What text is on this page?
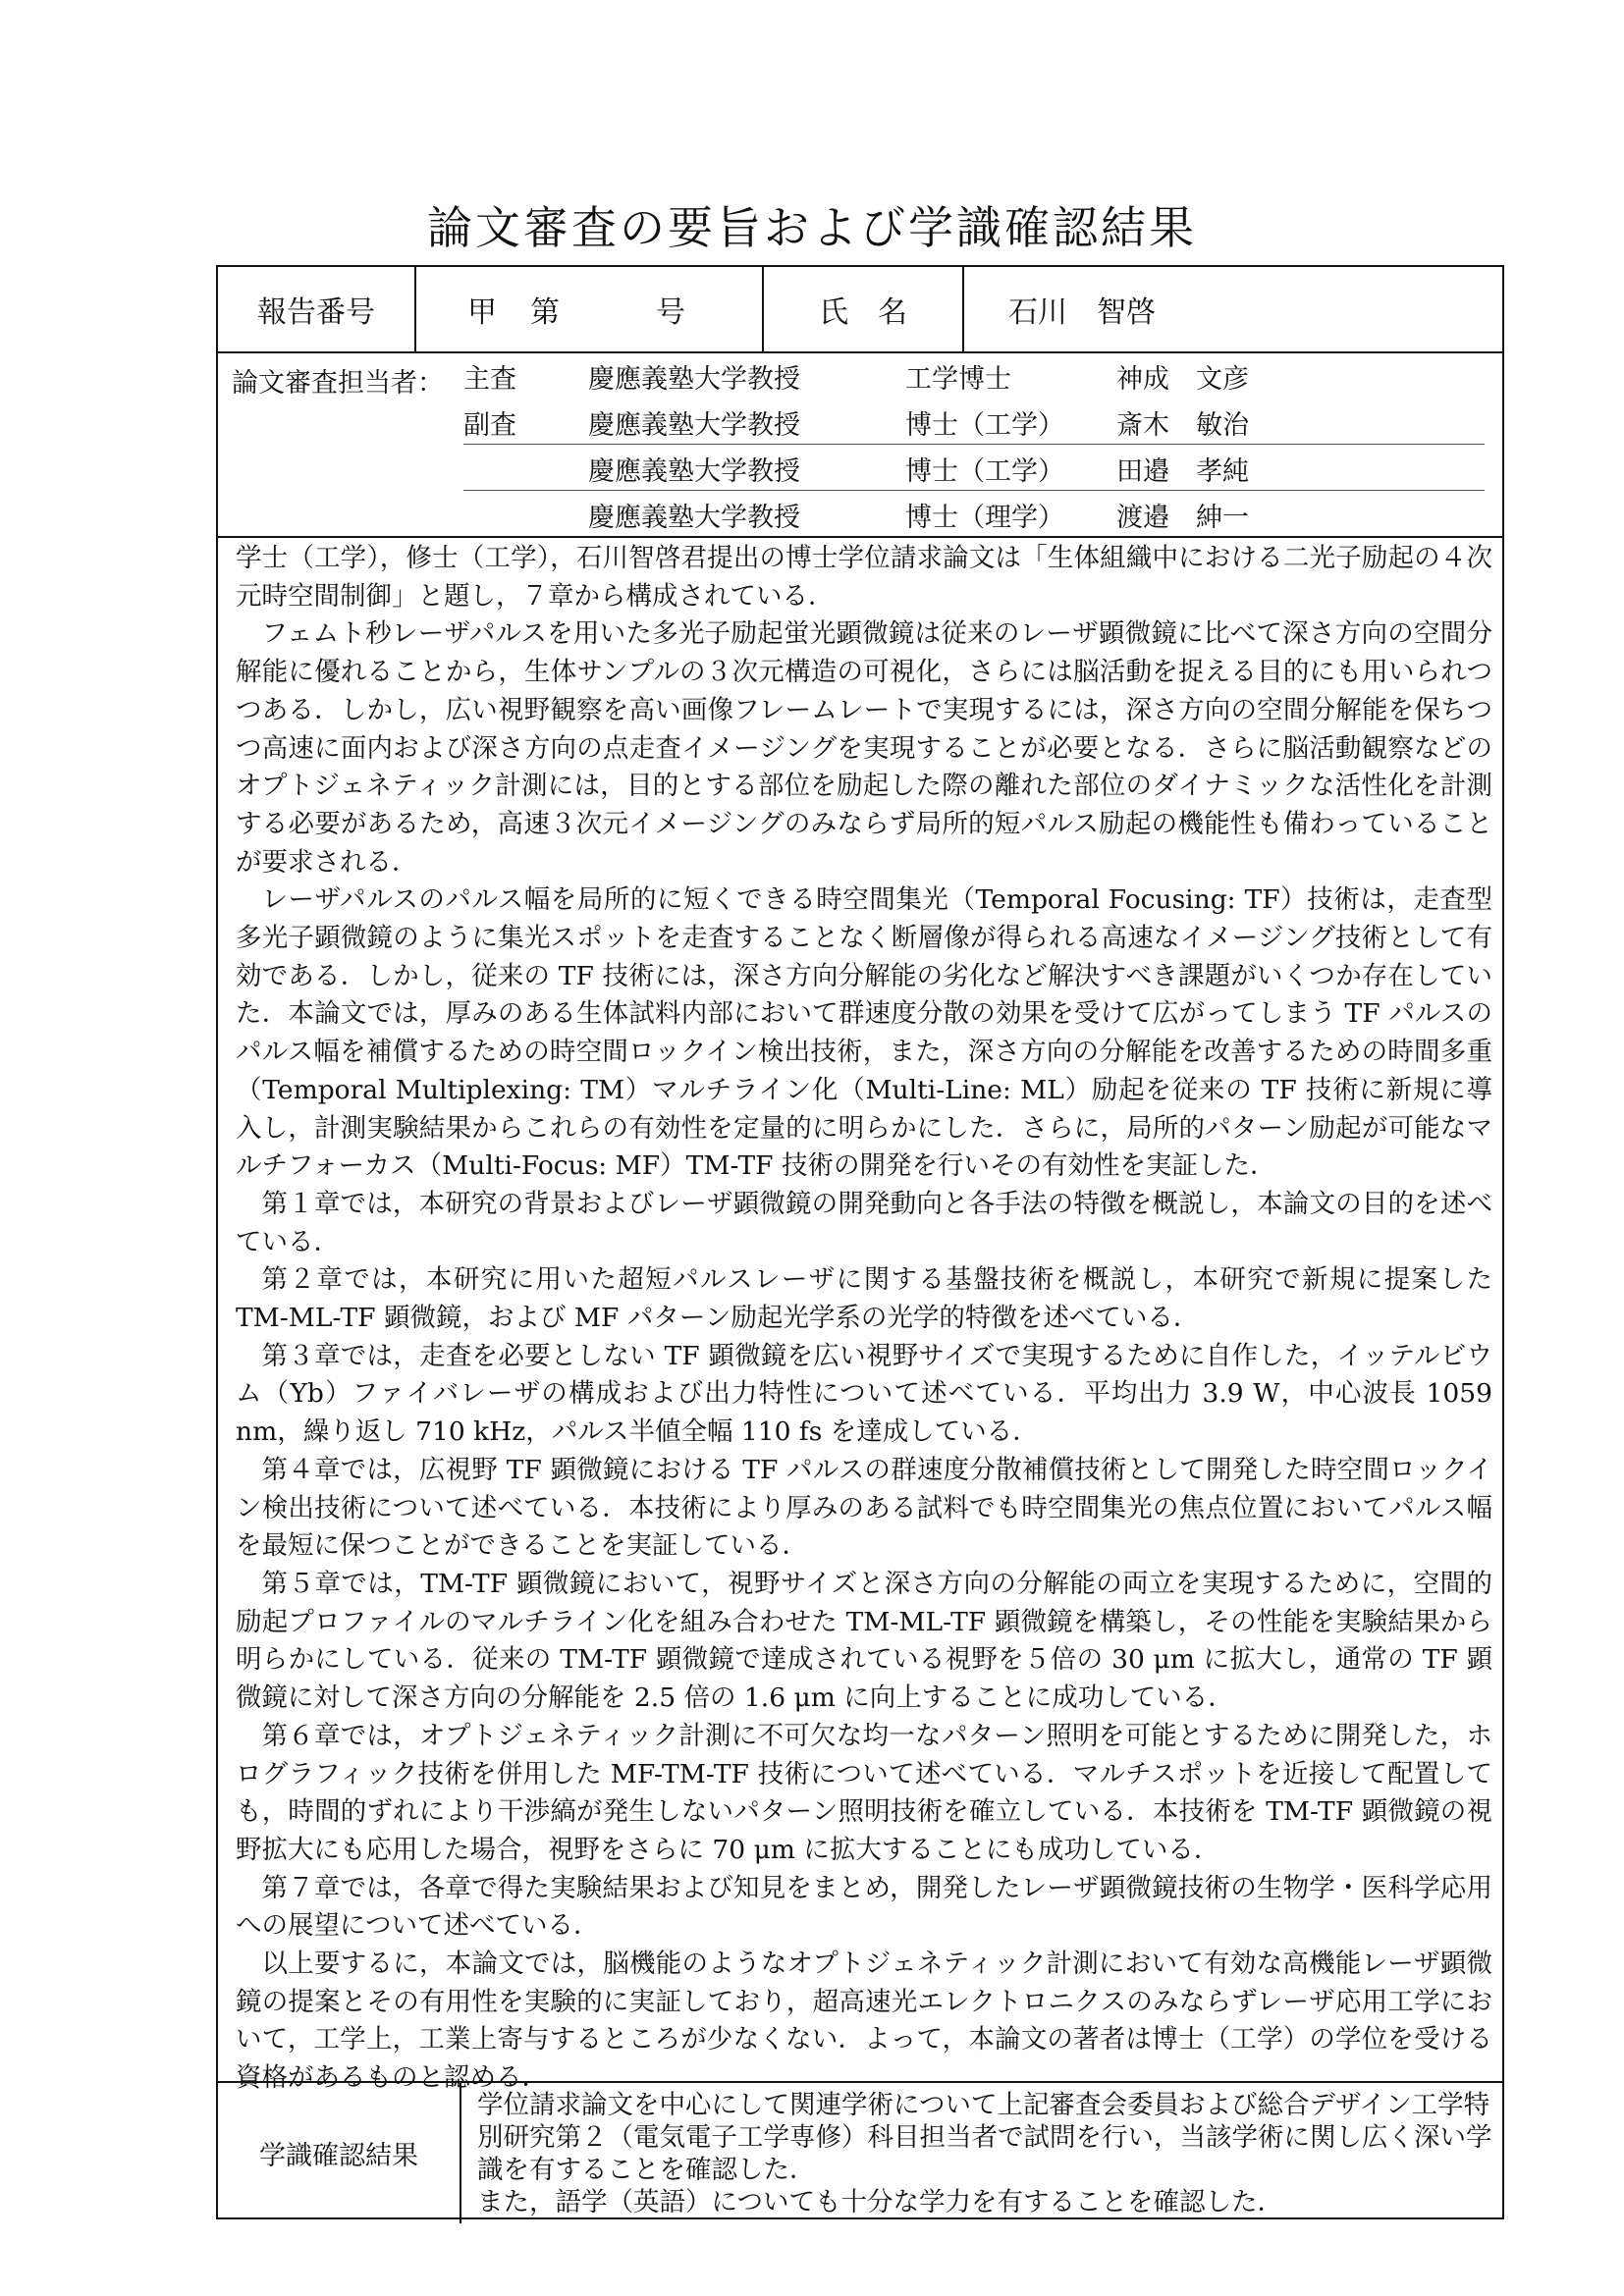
論文審査の要旨および学識確認結果
報告番号	甲　第　　　号	氏　名	石川　智啓
論文審査担当者： 主査	慶應義塾大学教授	工学博士	神成　文彦
副査	慶應義塾大学教授	博士（工学） 斎木　敏治
慶應義塾大学教授	博士（工学） 田邉　孝純
慶應義塾大学教授	博士（理学） 渡邉　紳一

学士（工学），修士（工学），石川智啓君提出の博士学位請求論文は「生体組織中における二光子励起の４次元時空間制御」と題し，７章から構成されている．

フェムト秒レーザパルスを用いた多光子励起蛍光顕微鏡は従来のレーザ顕微鏡に比べて深さ方向の空間分解能に優れることから，生体サンプルの３次元構造の可視化，さらには脳活動を捉える目的にも用いられつつある．しかし，広い視野観察を高い画像フレームレートで実現するには，深さ方向の空間分解能を保ちつつ高速に面内および深さ方向の点走査イメージングを実現することが必要となる．さらに脳活動観察などのオプトジェネティック計測には，目的とする部位を励起した際の離れた部位のダイナミックな活性化を計測する必要があるため，高速３次元イメージングのみならず局所的短パルス励起の機能性も備わっていることが要求される．

レーザパルスのパルス幅を局所的に短くできる時空間集光（Temporal Focusing: TF）技術は，走査型多光子顕微鏡のように集光スポットを走査することなく断層像が得られる高速なイメージング技術として有効である．しかし，従来の TF 技術には，深さ方向分解能の劣化など解決すべき課題がいくつか存在していた．本論文では，厚みのある生体試料内部において群速度分散の効果を受けて広がってしまう TF パルスのパルス幅を補償するための時空間ロックイン検出技術，また，深さ方向の分解能を改善するための時間多重（Temporal Multiplexing: TM）マルチライン化（Multi-Line: ML）励起を従来の TF 技術に新規に導入し，計測実験結果からこれらの有効性を定量的に明らかにした．さらに，局所的パターン励起が可能なマルチフォーカス（Multi-Focus: MF）TM-TF 技術の開発を行いその有効性を実証した．

第１章では，本研究の背景およびレーザ顕微鏡の開発動向と各手法の特徴を概説し，本論文の目的を述べている．

第２章では，本研究に用いた超短パルスレーザに関する基盤技術を概説し，本研究で新規に提案した TM-ML-TF 顕微鏡，および MF パターン励起光学系の光学的特徴を述べている．

第３章では，走査を必要としない TF 顕微鏡を広い視野サイズで実現するために自作した，イッテルビウム（Yb）ファイバレーザの構成および出力特性について述べている．平均出力 3.9 W，中心波長 1059 nm，繰り返し 710 kHz，パルス半値全幅 110 fs を達成している．

第４章では，広視野 TF 顕微鏡における TF パルスの群速度分散補償技術として開発した時空間ロックイン検出技術について述べている．本技術により厚みのある試料でも時空間集光の焦点位置においてパルス幅を最短に保つことができることを実証している．

第５章では，TM-TF 顕微鏡において，視野サイズと深さ方向の分解能の両立を実現するために，空間的励起プロファイルのマルチライン化を組み合わせた TM-ML-TF 顕微鏡を構築し，その性能を実験結果から明らかにしている．従来の TM-TF 顕微鏡で達成されている視野を５倍の 30 μm に拡大し，通常の TF 顕微鏡に対して深さ方向の分解能を 2.5 倍の 1.6 μm に向上することに成功している．

第６章では，オプトジェネティック計測に不可欠な均一なパターン照明を可能とするために開発した，ホログラフィック技術を併用した MF-TM-TF 技術について述べている．マルチスポットを近接して配置しても，時間的ずれにより干渉縞が発生しないパターン照明技術を確立している．本技術を TM-TF 顕微鏡の視野拡大にも応用した場合，視野をさらに 70 μm に拡大することにも成功している．

第７章では，各章で得た実験結果および知見をまとめ，開発したレーザ顕微鏡技術の生物学・医科学応用への展望について述べている．

以上要するに，本論文では，脳機能のようなオプトジェネティック計測において有効な高機能レーザ顕微鏡の提案とその有用性を実験的に実証しており，超高速光エレクトロニクスのみならずレーザ応用工学において，工学上，工業上寄与するところが少なくない．よって，本論文の著者は博士（工学）の学位を受ける資格があるものと認める．

学識確認結果

学位請求論文を中心にして関連学術について上記審査会委員および総合デザイン工学特別研究第２（電気電子工学専修）科目担当者で試問を行い，当該学術に関し広く深い学識を有することを確認した．

また，語学（英語）についても十分な学力を有することを確認した．
